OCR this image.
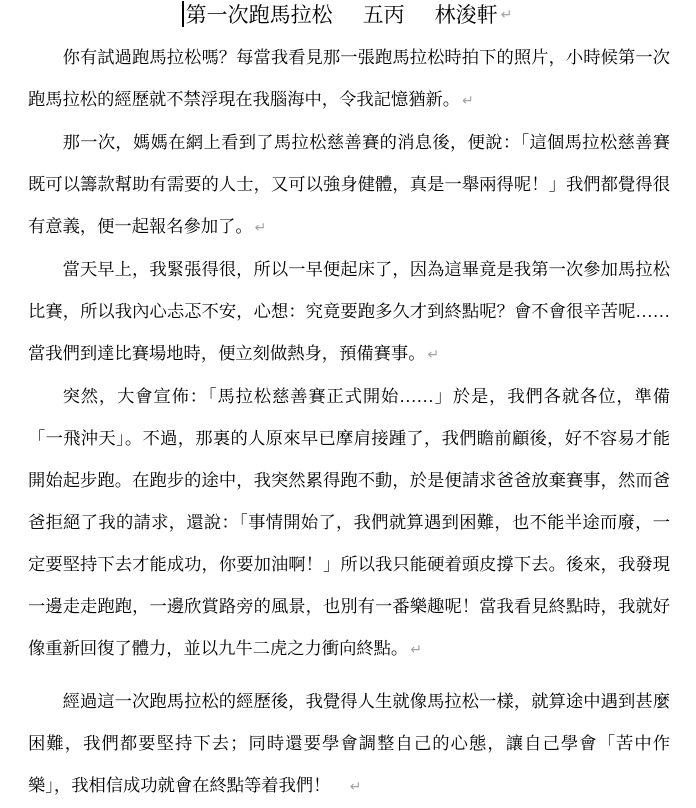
第一次跑馬拉松 五丙 林浚軒 ↵

你有試過跑馬拉松嗎？每當我看見那一張跑馬拉松時拍下的照片，小時候第一次跑馬拉松的經歷就不禁浮現在我腦海中，令我記憶猶新。 ↵

那一次，媽媽在網上看到了馬拉松慈善賽的消息後，便說：「這個馬拉松慈善賽既可以籌款幫助有需要的人士，又可以強身健體，真是一舉兩得呢！」我們都覺得很有意義，便一起報名參加了。 ↵

當天早上，我緊張得很，所以一早便起床了，因為這畢竟是我第一次參加馬拉松比賽，所以我內心忐忑不安，心想：究竟要跑多久才到終點呢？會不會很辛苦呢……當我們到達比賽場地時，便立刻做熱身，預備賽事。 ↵

突然，大會宣佈：「馬拉松慈善賽正式開始……」於是，我們各就各位，準備「一飛沖天」。不過，那裏的人原來早已摩肩接踵了，我們瞻前顧後，好不容易才能開始起步跑。在跑步的途中，我突然累得跑不動，於是便請求爸爸放棄賽事，然而爸爸拒絕了我的請求，還說：「事情開始了，我們就算遇到困難，也不能半途而廢，一定要堅持下去才能成功，你要加油啊！」所以我只能硬着頭皮撐下去。後來，我發現一邊走走跑跑，一邊欣賞路旁的風景，也別有一番樂趣呢！當我看見終點時，我就好像重新回復了體力，並以九牛二虎之力衝向終點。 ↵

經過這一次跑馬拉松的經歷後，我覺得人生就像馬拉松一樣，就算途中遇到甚麼困難，我們都要堅持下去；同時還要學會調整自己的心態，讓自己學會「苦中作樂」，我相信成功就會在終點等着我們！　↵
